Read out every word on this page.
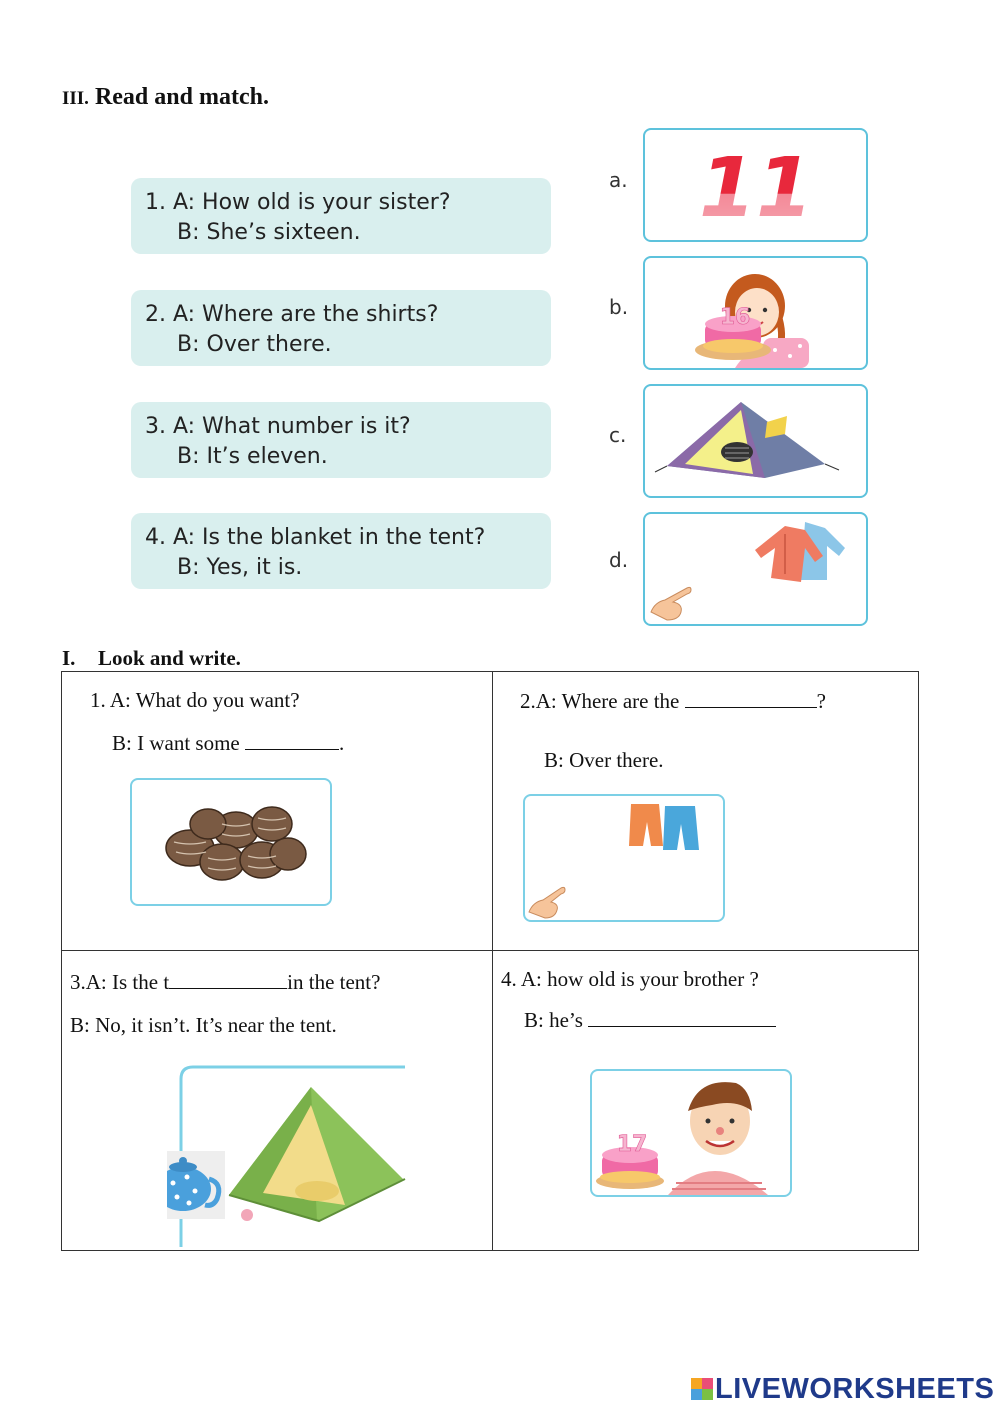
III. Read and match.
1. A: How old is your sister?
B: She’s sixteen.
2. A: Where are the shirts?
B: Over there.
3. A: What number is it?
B: It’s eleven.
4. A: Is the blanket in the tent?
B: Yes, it is.
a.
b.
c.
d.
11
16
I. Look and write.
1. A: What do you want?
B: I want some	.
2.A: Where are the	?
B: Over there.
3.A: Is the t	in the tent?
B: No, it isn’t. It’s near the tent.
4. A: how old is your brother ?
B: he’s
17
LIVEWORKSHEETS
